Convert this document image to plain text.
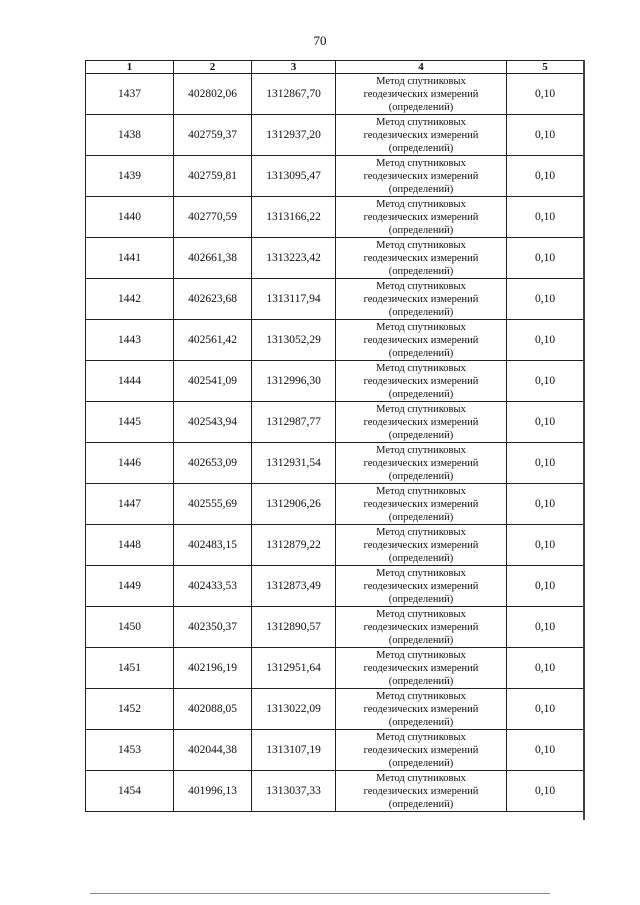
70
1	2	3	4	5
1437	402802,06	1312867,70	Метод спутниковых
геодезических измерений
(определений)	0,10
1438	402759,37	1312937,20	Метод спутниковых
геодезических измерений
(определений)	0,10
1439	402759,81	1313095,47	Метод спутниковых
геодезических измерений
(определений)	0,10
1440	402770,59	1313166,22	Метод спутниковых
геодезических измерений
(определений)	0,10
1441	402661,38	1313223,42	Метод спутниковых
геодезических измерений
(определений)	0,10
1442	402623,68	1313117,94	Метод спутниковых
геодезических измерений
(определений)	0,10
1443	402561,42	1313052,29	Метод спутниковых
геодезических измерений
(определений)	0,10
1444	402541,09	1312996,30	Метод спутниковых
геодезических измерений
(определений)	0,10
1445	402543,94	1312987,77	Метод спутниковых
геодезических измерений
(определений)	0,10
1446	402653,09	1312931,54	Метод спутниковых
геодезических измерений
(определений)	0,10
1447	402555,69	1312906,26	Метод спутниковых
геодезических измерений
(определений)	0,10
1448	402483,15	1312879,22	Метод спутниковых
геодезических измерений
(определений)	0,10
1449	402433,53	1312873,49	Метод спутниковых
геодезических измерений
(определений)	0,10
1450	402350,37	1312890,57	Метод спутниковых
геодезических измерений
(определений)	0,10
1451	402196,19	1312951,64	Метод спутниковых
геодезических измерений
(определений)	0,10
1452	402088,05	1313022,09	Метод спутниковых
геодезических измерений
(определений)	0,10
1453	402044,38	1313107,19	Метод спутниковых
геодезических измерений
(определений)	0,10
1454	401996,13	1313037,33	Метод спутниковых
геодезических измерений
(определений)	0,10
